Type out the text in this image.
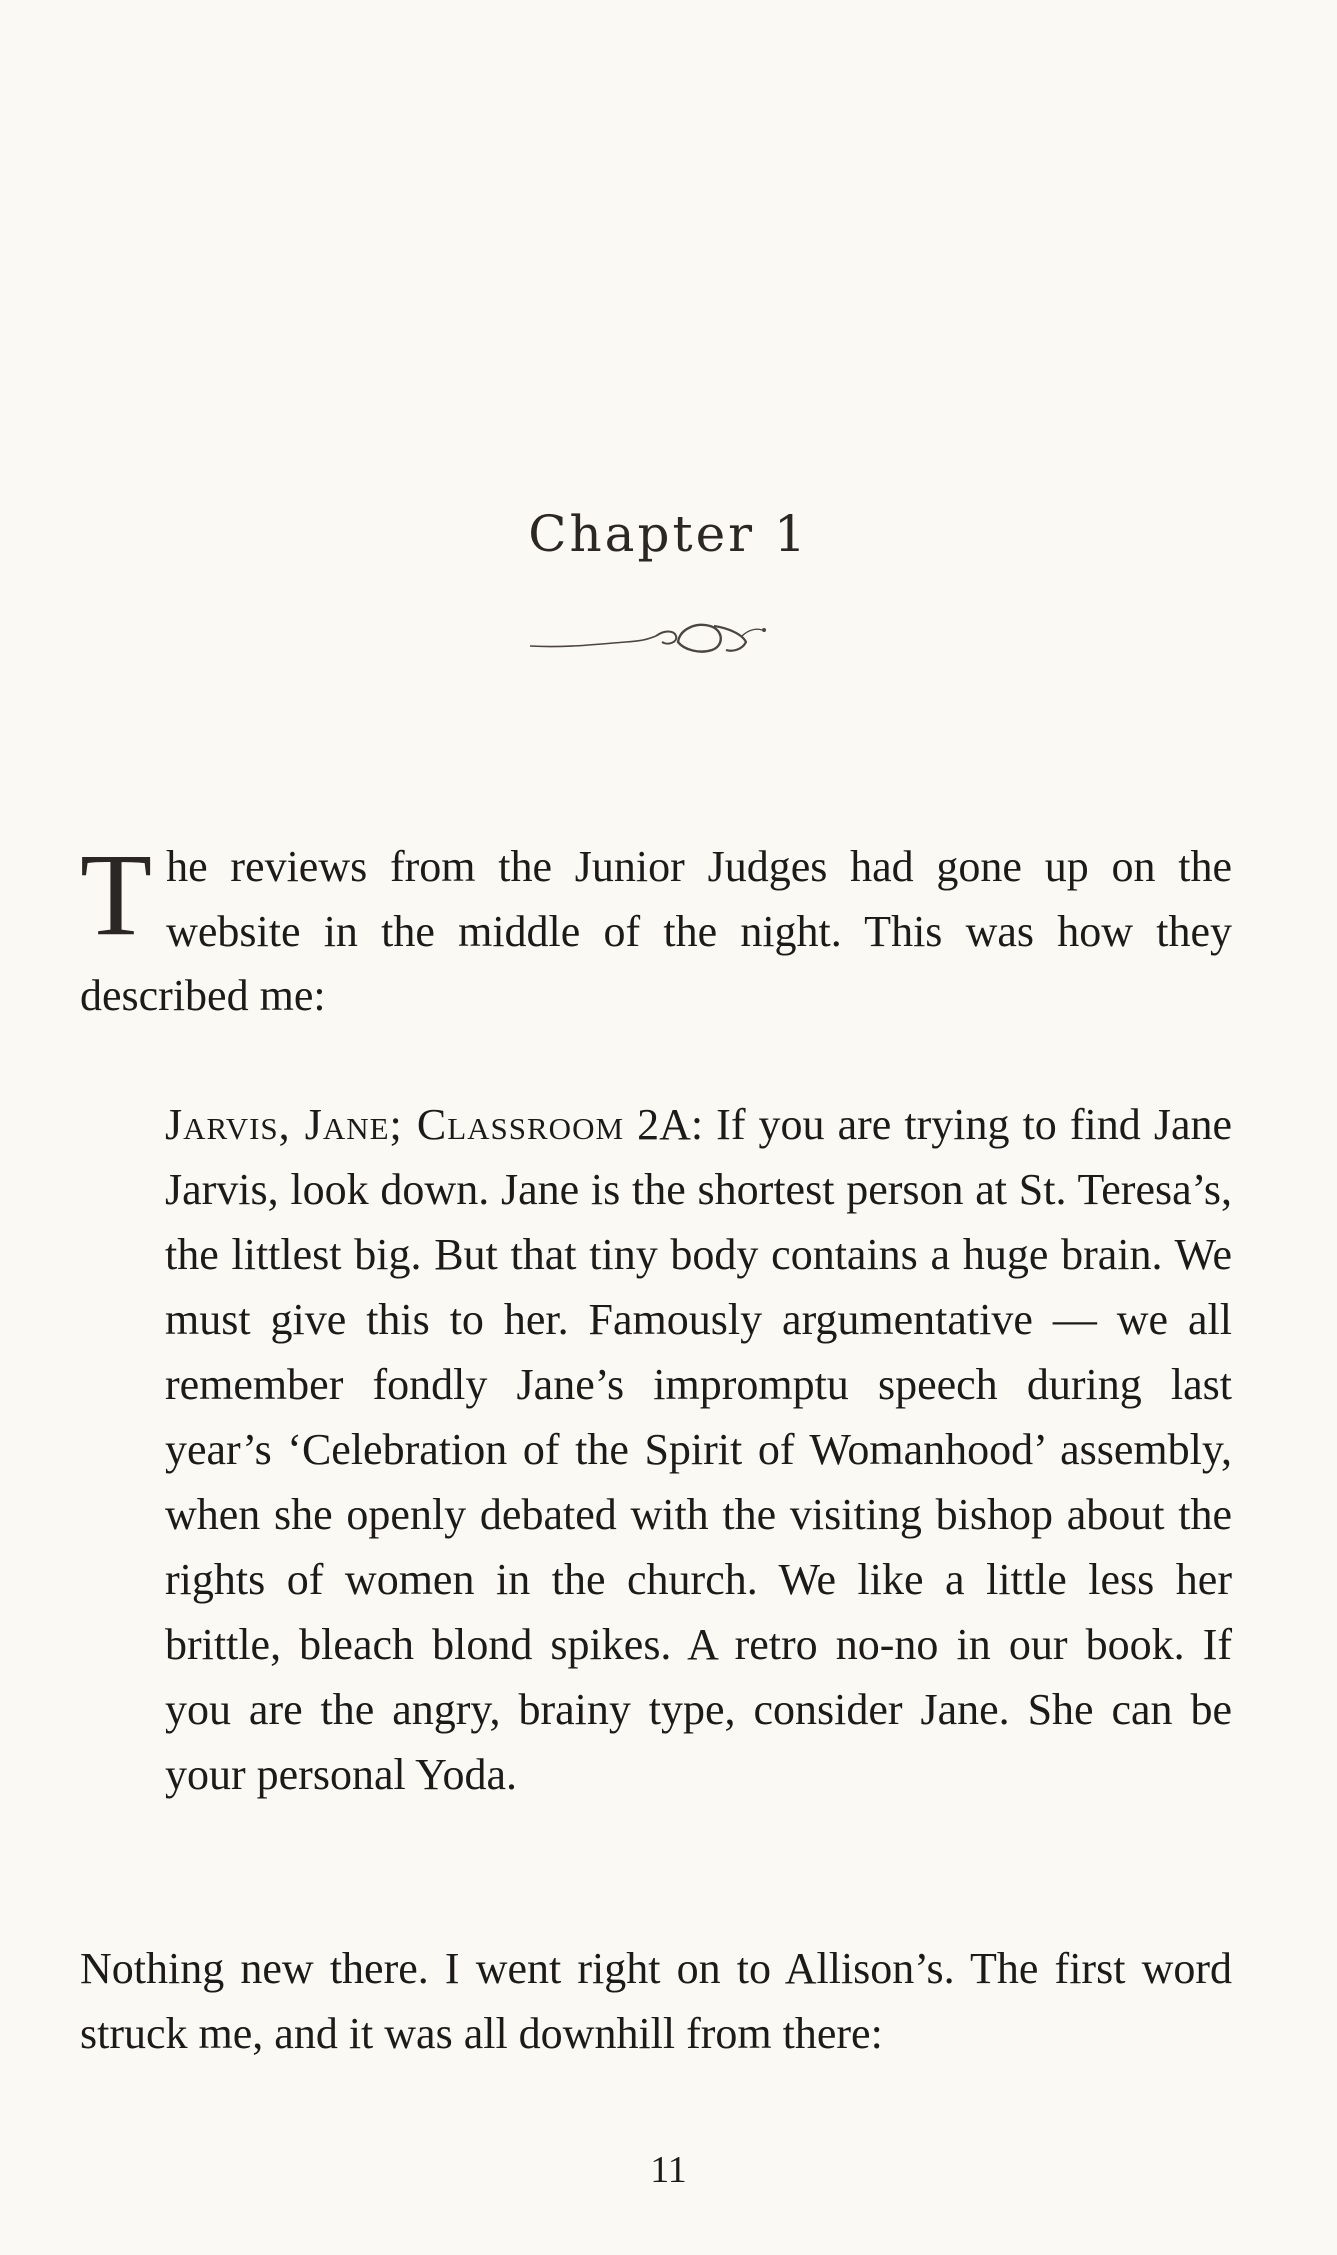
Chapter 1
The reviews from the Junior Judges had gone up on the website in the middle of the night. This was how they described me:
Jarvis, Jane; Classroom 2A: If you are trying to find Jane Jarvis, look down. Jane is the shortest person at St. Teresa’s, the littlest big. But that tiny body contains a huge brain. We must give this to her. Famously argumentative — we all remember fondly Jane’s impromptu speech during last year’s ‘Celebration of the Spirit of Womanhood’ assembly, when she openly debated with the visiting bishop about the rights of women in the church. We like a little less her brittle, bleach blond spikes. A retro no-no in our book. If you are the angry, brainy type, consider Jane. She can be your personal Yoda.
Nothing new there. I went right on to Allison’s. The first word struck me, and it was all downhill from there:
11
